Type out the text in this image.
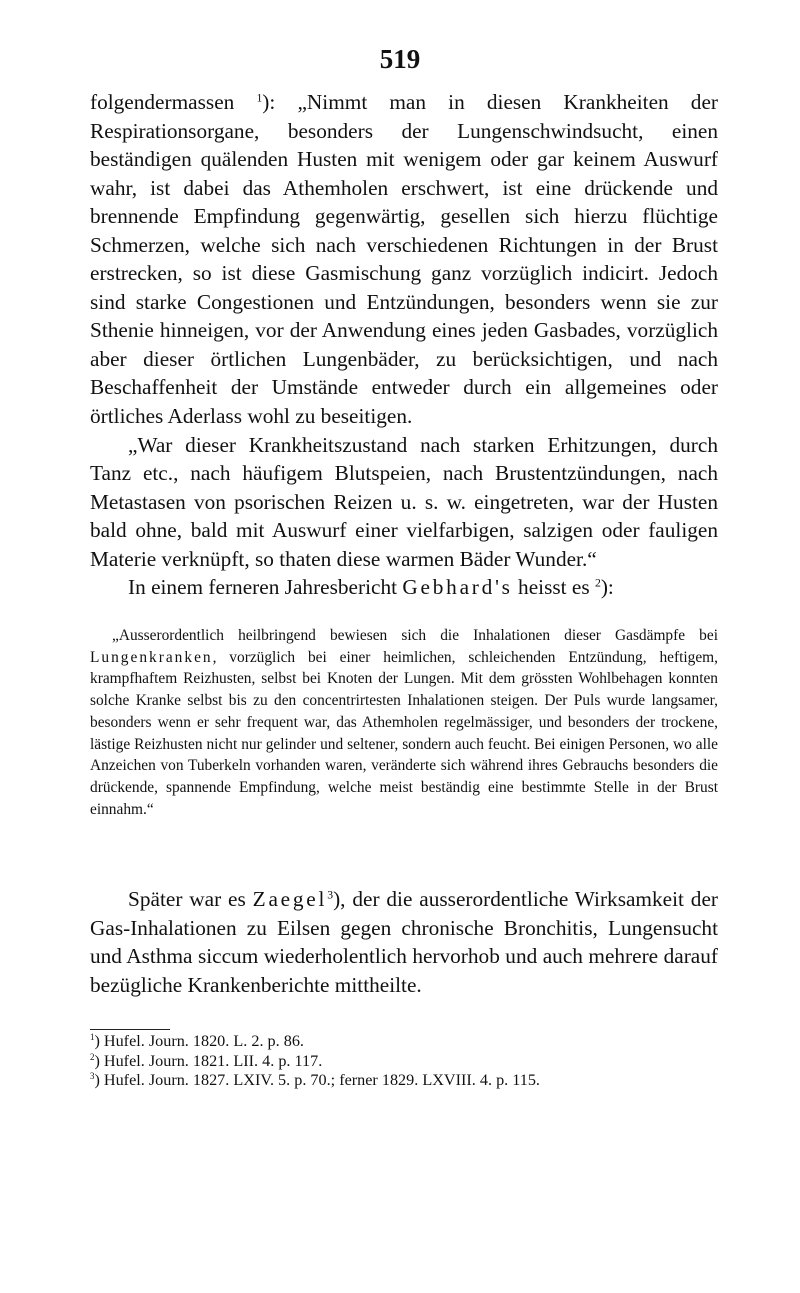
519

folgendermassen $^1$): „Nimmt man in diesen Krankheiten der Respirationsorgane, besonders der Lungenschwindsucht, einen beständigen quälenden Husten mit wenigem oder gar keinem Auswurf wahr, ist dabei das Athemholen erschwert, ist eine drückende und brennende Empfindung gegenwärtig, gesellen sich hierzu flüchtige Schmerzen, welche sich nach verschiedenen Richtungen in der Brust erstrecken, so ist diese Gasmischung ganz vorzüglich indicirt. Jedoch sind starke Congestionen und Entzündungen, besonders wenn sie zur Sthenie hinneigen, vor der Anwendung eines jeden Gasbades, vorzüglich aber dieser örtlichen Lungenbäder, zu berücksichtigen, und nach Beschaffenheit der Umstände entweder durch ein allgemeines oder örtliches Aderlass wohl zu beseitigen.

„War dieser Krankheitszustand nach starken Erhitzungen, durch Tanz etc., nach häufigem Blutspeien, nach Brustentzündungen, nach Metastasen von psorischen Reizen u. s. w. eingetreten, war der Husten bald ohne, bald mit Auswurf einer vielfarbigen, salzigen oder fauligen Materie verknüpft, so thaten diese warmen Bäder Wunder.“

In einem ferneren Jahresbericht Gebhard's heisst es $^2$):

„Ausserordentlich heilbringend bewiesen sich die Inhalationen dieser Gasdämpfe bei Lungenkranken, vorzüglich bei einer heimlichen, schleichenden Entzündung, heftigem, krampfhaftem Reizhusten, selbst bei Knoten der Lungen. Mit dem grössten Wohlbehagen konnten solche Kranke selbst bis zu den concentrirtesten Inhalationen steigen. Der Puls wurde langsamer, besonders wenn er sehr frequent war, das Athemholen regelmässiger, und besonders der trockene, lästige Reizhusten nicht nur gelinder und seltener, sondern auch feucht. Bei einigen Personen, wo alle Anzeichen von Tuberkeln vorhanden waren, veränderte sich während ihres Gebrauchs besonders die drückende, spannende Empfindung, welche meist beständig eine bestimmte Stelle in der Brust einnahm.“

Später war es Zaegel$^3$), der die ausserordentliche Wirksamkeit der Gas-Inhalationen zu Eilsen gegen chronische Bronchitis, Lungensucht und Asthma siccum wiederholentlich hervorhob und auch mehrere darauf bezügliche Krankenberichte mittheilte.

$^1$) Hufel. Journ. 1820. L. 2. p. 86.
$^2$) Hufel. Journ. 1821. LII. 4. p. 117.
$^3$) Hufel. Journ. 1827. LXIV. 5. p. 70.; ferner 1829. LXVIII. 4. p. 115.
